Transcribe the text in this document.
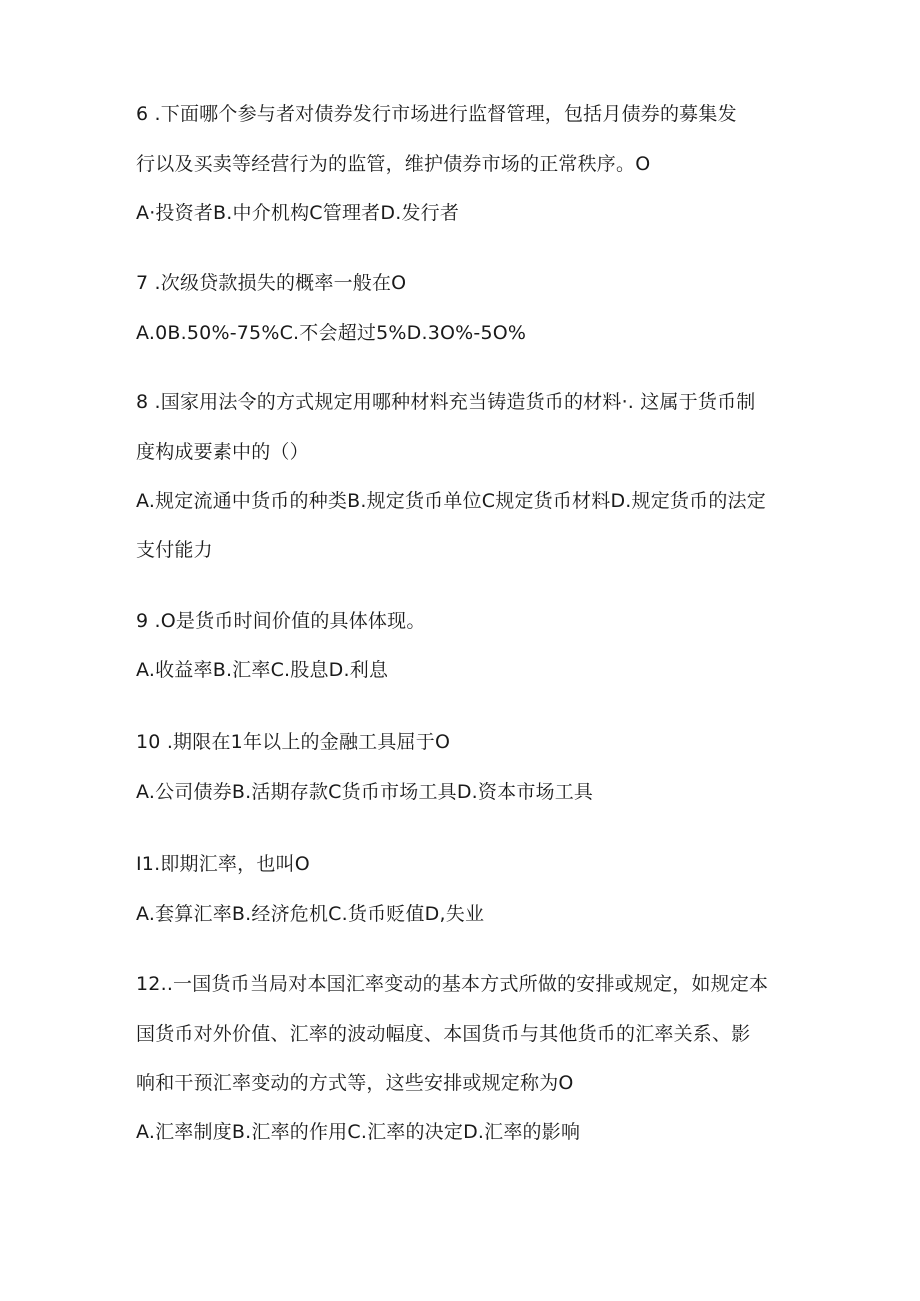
6 .下面哪个参与者对债券发行市场进行监督管理，包括月债券的募集发
行以及买卖等经营行为的监管，维护债券市场的正常秩序。O
A·投资者B.中介机构C管理者D.发行者
7 .次级贷款损失的概率一般在O
A.0B.50%-75%C.不会超过5%D.3O%-5O%
8 .国家用法令的方式规定用哪种材料充当铸造货币的材料·. 这属于货币制
度构成要素中的（）
A.规定流通中货币的种类B.规定货币单位C规定货币材料D.规定货币的法定
支付能力
9 .O是货币时间价值的具体体现。
A.收益率B.汇率C.股息D.利息
10 .期限在1年以上的金融工具屈于O
A.公司债券B.活期存款C货币市场工具D.资本市场工具
I1.即期汇率，也叫O
A.套算汇率B.经济危机C.货币贬值D,失业
12..一国货币当局对本国汇率变动的基本方式所做的安排或规定，如规定本
国货币对外价值、汇率的波动幅度、本国货币与其他货币的汇率关系、影
响和干预汇率变动的方式等，这些安排或规定称为O
A.汇率制度B.汇率的作用C.汇率的决定D.汇率的影响
